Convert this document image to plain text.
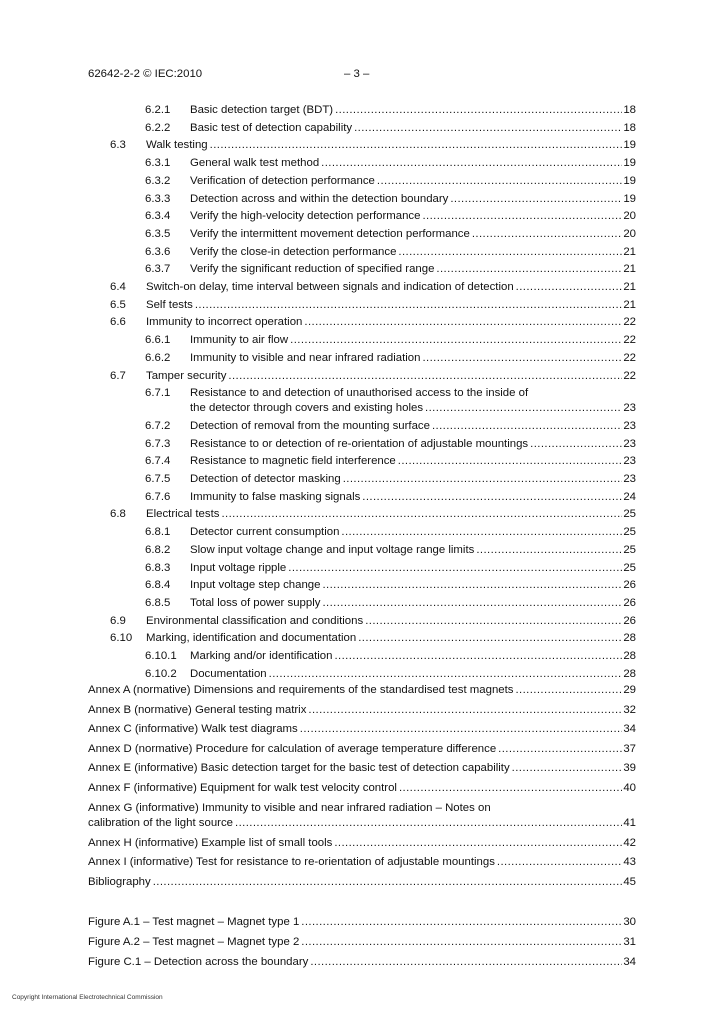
62642-2-2 © IEC:2010	– 3 –
6.2.1	Basic detection target (BDT) .....	18
6.2.2	Basic test of detection capability .....	18
6.3	Walk testing .....	19
6.3.1	General walk test method .....	19
6.3.2	Verification of detection performance .....	19
6.3.3	Detection across and within the detection boundary .....	19
6.3.4	Verify the high-velocity detection performance .....	20
6.3.5	Verify the intermittent movement detection performance .....	20
6.3.6	Verify the close-in detection performance .....	21
6.3.7	Verify the significant reduction of specified range .....	21
6.4	Switch-on delay, time interval between signals and indication of detection .....	21
6.5	Self tests .....	21
6.6	Immunity to incorrect operation .....	22
6.6.1	Immunity to air flow .....	22
6.6.2	Immunity to visible and near infrared radiation .....	22
6.7	Tamper security .....	22
6.7.1 Resistance to and detection of unauthorised access to the inside of
the detector through covers and existing holes .....	23
6.7.2	Detection of removal from the mounting surface .....	23
6.7.3	Resistance to or detection of re-orientation of adjustable mountings .....	23
6.7.4	Resistance to magnetic field interference .....	23
6.7.5	Detection of detector masking .....	23
6.7.6	Immunity to false masking signals .....	24
6.8	Electrical tests .....	25
6.8.1	Detector current consumption .....	25
6.8.2	Slow input voltage change and input voltage range limits .....	25
6.8.3	Input voltage ripple .....	25
6.8.4	Input voltage step change .....	26
6.8.5	Total loss of power supply .....	26
6.9	Environmental classification and conditions .....	26
6.10	Marking, identification and documentation .....	28
6.10.1	Marking and/or identification .....	28
6.10.2	Documentation .....	28
Annex A (normative) Dimensions and requirements of the standardised test magnets .....	29
Annex B (normative) General testing matrix .....	32
Annex C (informative) Walk test diagrams .....	34
Annex D (normative) Procedure for calculation of average temperature difference .....	37
Annex E (informative) Basic detection target for the basic test of detection capability .....	39
Annex F (informative) Equipment for walk test velocity control .....	40
Annex G (informative) Immunity to visible and near infrared radiation – Notes on
calibration of the light source .....	41
Annex H (informative) Example list of small tools .....	42
Annex I (informative) Test for resistance to re-orientation of adjustable mountings .....	43
Bibliography .....	45
Figure A.1 – Test magnet – Magnet type 1 .....	30
Figure A.2 – Test magnet – Magnet type 2 .....	31
Figure C.1 – Detection across the boundary .....	34
Copyright International Electrotechnical Commission
